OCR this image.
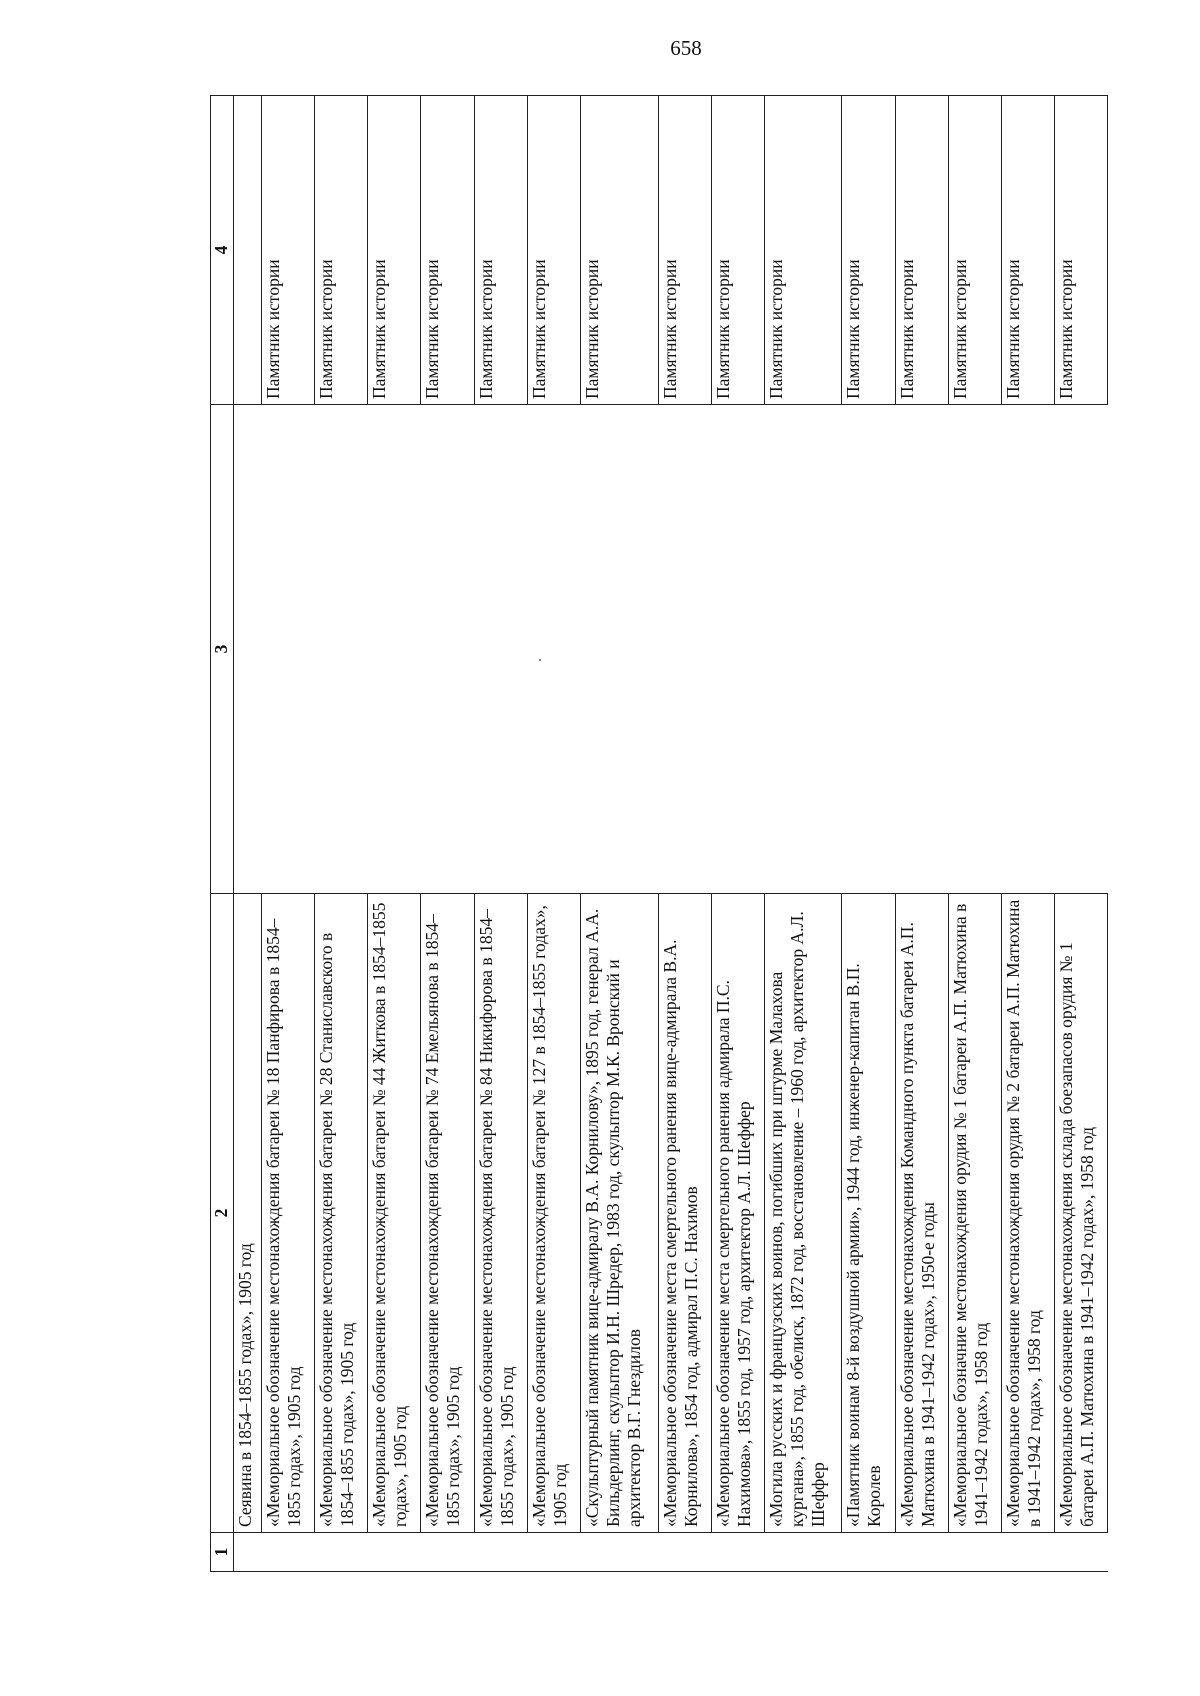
658
1	2	3	4
	Сеявина в 1854–1855 годах», 1905 год		
	«Мемориальное обозначение местонахождения батареи № 18 Панфирова в 1854–1855 годах», 1905 год		Памятник истории
	«Мемориальное обозначение местонахождения батареи № 28 Станиславского в 1854–1855 годах», 1905 год		Памятник истории
	«Мемориальное обозначение местонахождения батареи № 44 Житкова в 1854–1855 годах», 1905 год		Памятник истории
	«Мемориальное обозначение местонахождения батареи № 74 Емельянова в 1854–1855 годах», 1905 год		Памятник истории
	«Мемориальное обозначение местонахождения батареи № 84 Никифорова в 1854–1855 годах», 1905 год		Памятник истории
	«Мемориальное обозначение местонахождения батареи № 127 в 1854–1855 годах», 1905 год		Памятник истории
	«Скульптурный памятник вице-адмиралу В.А. Корнилову», 1895 год, генерал А.А. Бильдерлинг, скульптор И.Н. Шредер, 1983 год, скульптор М.К. Вронский и архитектор В.Г. Гнездилов		Памятник истории
	«Мемориальное обозначение места смертельного ранения вице-адмирала В.А. Корнилова», 1854 год, адмирал П.С. Нахимов		Памятник истории
	«Мемориальное обозначение места смертельного ранения адмирала П.С. Нахимова», 1855 год, 1957 год, архитектор А.Л. Шеффер		Памятник истории
	«Могила русских и французских воинов, погибших при штурме Малахова кургана», 1855 год, обелиск, 1872 год, восстановление – 1960 год, архитектор А.Л. Шеффер		Памятник истории
	«Памятник воинам 8-й воздушной армии», 1944 год, инженер-капитан В.П. Королев		Памятник истории
	«Мемориальное обозначение местонахождения Командного пункта батареи А.П. Матюхина в 1941–1942 годах», 1950-е годы		Памятник истории
	«Мемориальное бозначние местонахождения орудия № 1 батареи А.П. Матюхина в 1941–1942 годах», 1958 год		Памятник истории
	«Мемориальное обозначение местонахождения орудия № 2 батареи А.П. Матюхина в 1941–1942 годах», 1958 год		Памятник истории
	«Мемориальное обозначение местонахождения склада боезапасов орудия № 1 батареи А.П. Матюхина в 1941–1942 годах», 1958 год		Памятник истории
